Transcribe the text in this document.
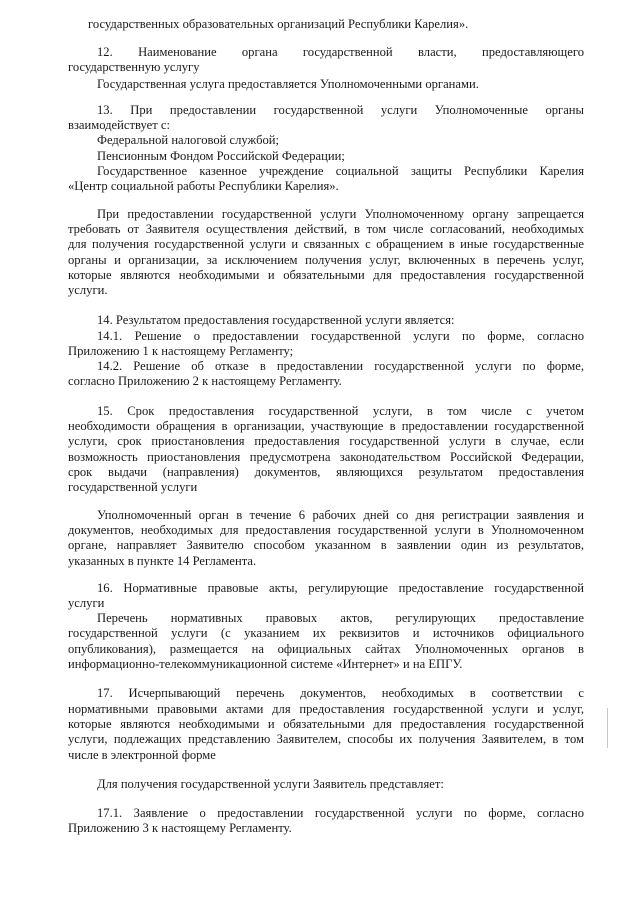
государственных образовательных организаций Республики Карелия».
12. Наименование органа государственной власти, предоставляющего
государственную услугу
Государственная услуга предоставляется Уполномоченными органами.
13. При предоставлении государственной услуги Уполномоченные органы
взаимодействует с:
Федеральной налоговой службой;
Пенсионным Фондом Российской Федерации;
Государственное казенное учреждение социальной защиты Республики Карелия
«Центр социальной работы Республики Карелия».
При предоставлении государственной услуги Уполномоченному органу запрещается
требовать от Заявителя осуществления действий, в том числе согласований, необходимых
для получения государственной услуги и связанных с обращением в иные государственные
органы и организации, за исключением получения услуг, включенных в перечень услуг,
которые являются необходимыми и обязательными для предоставления государственной
услуги.
14. Результатом предоставления государственной услуги является:
14.1. Решение о предоставлении государственной услуги по форме, согласно
Приложению 1 к настоящему Регламенту;
14.2. Решение об отказе в предоставлении государственной услуги по форме,
согласно Приложению 2 к настоящему Регламенту.
15. Срок предоставления государственной услуги, в том числе с учетом
необходимости обращения в организации, участвующие в предоставлении государственной
услуги, срок приостановления предоставления государственной услуги в случае, если
возможность приостановления предусмотрена законодательством Российской Федерации,
срок выдачи (направления) документов, являющихся результатом предоставления
государственной услуги
Уполномоченный орган в течение 6 рабочих дней со дня регистрации заявления и
документов, необходимых для предоставления государственной услуги в Уполномоченном
органе, направляет Заявителю способом указанном в заявлении один из результатов,
указанных в пункте 14 Регламента.
16. Нормативные правовые акты, регулирующие предоставление государственной
услуги
Перечень нормативных правовых актов, регулирующих предоставление
государственной услуги (с указанием их реквизитов и источников официального
опубликования), размещается на официальных сайтах Уполномоченных органов в
информационно-телекоммуникационной системе «Интернет» и на ЕПГУ.
17. Исчерпывающий перечень документов, необходимых в соответствии с
нормативными правовыми актами для предоставления государственной услуги и услуг,
которые являются необходимыми и обязательными для предоставления государственной
услуги, подлежащих представлению Заявителем, способы их получения Заявителем, в том
числе в электронной форме
Для получения государственной услуги Заявитель представляет:
17.1. Заявление о предоставлении государственной услуги по форме, согласно
Приложению 3 к настоящему Регламенту.
